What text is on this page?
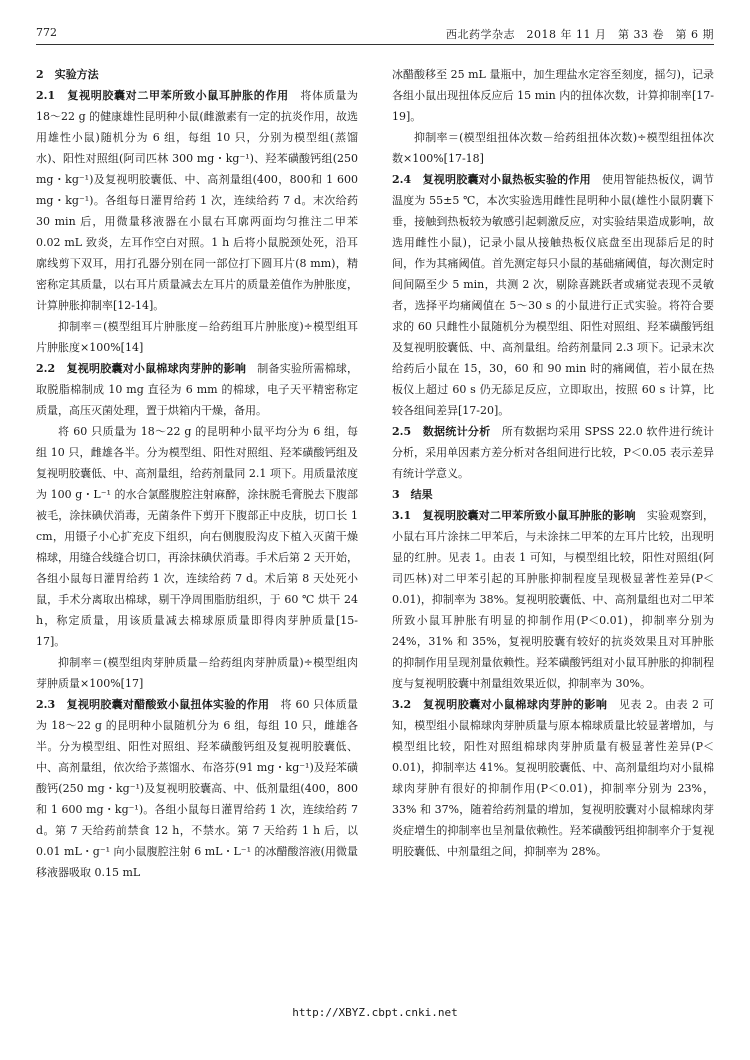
772	西北药学杂志　2018 年 11 月　第 33 卷　第 6 期

2　实验方法

2.1　复视明胶囊对二甲苯所致小鼠耳肿胀的作用　将体质量为 18～22 g 的健康雄性昆明种小鼠(雌激素有一定的抗炎作用，故选用雄性小鼠)随机分为 6 组，每组 10 只，分别为模型组(蒸馏水)、阳性对照组(阿司匹林 300 mg・kg⁻¹)、羟苯磺酸钙组(250 mg・kg⁻¹)及复视明胶囊低、中、高剂量组(400，800和 1 600 mg・kg⁻¹)。各组每日灌胃给药 1 次，连续给药 7 d。末次给药 30 min 后，用微量移液器在小鼠右耳廓两面均匀推注二甲苯 0.02 mL 致炎，左耳作空白对照。1 h 后将小鼠脱颈处死，沿耳廓线剪下双耳，用打孔器分别在同一部位打下圆耳片(8 mm)，精密称定其质量，以右耳片质量减去左耳片的质量差值作为肿胀度，计算肿胀抑制率[12-14]。

抑制率＝(模型组耳片肿胀度－给药组耳片肿胀度)÷模型组耳片肿胀度×100%[14]

2.2　复视明胶囊对小鼠棉球肉芽肿的影响　制备实验所需棉球，取脱脂棉制成 10 mg 直径为 6 mm 的棉球，电子天平精密称定质量，高压灭菌处理，置于烘箱内干燥，备用。

将 60 只质量为 18～22 g 的昆明种小鼠平均分为 6 组，每组 10 只，雌雄各半。分为模型组、阳性对照组、羟苯磺酸钙组及复视明胶囊低、中、高剂量组，给药剂量同 2.1 项下。用质量浓度为 100 g・L⁻¹ 的水合氯醛腹腔注射麻醉，涂抹脱毛膏脱去下腹部被毛，涂抹碘伏消毒，无菌条件下剪开下腹部正中皮肤，切口长 1 cm，用镊子小心扩充皮下组织，向右侧腹股沟皮下植入灭菌干燥棉球，用缝合线缝合切口，再涂抹碘伏消毒。手术后第 2 天开始，各组小鼠每日灌胃给药 1 次，连续给药 7 d。术后第 8 天处死小鼠，手术分离取出棉球，剔干净周围脂肪组织，于 60 ℃ 烘干 24 h，称定质量，用该质量减去棉球原质量即得肉芽肿质量[15-17]。

抑制率＝(模型组肉芽肿质量－给药组肉芽肿质量)÷模型组肉芽肿质量×100%[17]

2.3　复视明胶囊对醋酸致小鼠扭体实验的作用　将 60 只体质量为 18～22 g 的昆明种小鼠随机分为 6 组，每组 10 只，雌雄各半。分为模型组、阳性对照组、羟苯磺酸钙组及复视明胶囊低、中、高剂量组，依次给予蒸馏水、布洛芬(91 mg・kg⁻¹)及羟苯磺酸钙(250 mg・kg⁻¹)及复视明胶囊高、中、低剂量组(400，800 和 1 600 mg・kg⁻¹)。各组小鼠每日灌胃给药 1 次，连续给药 7 d。第 7 天给药前禁食 12 h，不禁水。第 7 天给药 1 h 后，以 0.01 mL・g⁻¹ 向小鼠腹腔注射 6 mL・L⁻¹ 的冰醋酸溶液(用微量移液器吸取 0.15 mL

冰醋酸移至 25 mL 量瓶中，加生理盐水定容至刻度，摇匀)，记录各组小鼠出现扭体反应后 15 min 内的扭体次数，计算抑制率[17-19]。

抑制率＝(模型组扭体次数－给药组扭体次数)÷模型组扭体次数×100%[17-18]

2.4　复视明胶囊对小鼠热板实验的作用　使用智能热板仪，调节温度为 55±5 ℃，本次实验选用雌性昆明种小鼠(雄性小鼠阴囊下垂，接触到热板较为敏感引起刺激反应，对实验结果造成影响，故选用雌性小鼠)，记录小鼠从接触热板仪底盘至出现舔后足的时间，作为其痛阈值。首先测定每只小鼠的基础痛阈值，每次测定时间间隔至少 5 min，共测 2 次，剔除喜跳跃者或痛觉表现不灵敏者，选择平均痛阈值在 5～30 s 的小鼠进行正式实验。将符合要求的 60 只雌性小鼠随机分为模型组、阳性对照组、羟苯磺酸钙组及复视明胶囊低、中、高剂量组。给药剂量同 2.3 项下。记录末次给药后小鼠在 15，30，60 和 90 min 时的痛阈值，若小鼠在热板仪上超过 60 s 仍无舔足反应，立即取出，按照 60 s 计算，比较各组间差异[17-20]。

2.5　数据统计分析　所有数据均采用 SPSS 22.0 软件进行统计分析，采用单因素方差分析对各组间进行比较，P＜0.05 表示差异有统计学意义。

3　结果

3.1　复视明胶囊对二甲苯所致小鼠耳肿胀的影响　实验观察到，小鼠右耳片涂抹二甲苯后，与未涂抹二甲苯的左耳片比较，出现明显的红肿。见表 1。由表 1 可知，与模型组比较，阳性对照组(阿司匹林)对二甲苯引起的耳肿胀抑制程度呈现极显著性差异(P＜0.01)，抑制率为 38%。复视明胶囊低、中、高剂量组也对二甲苯所致小鼠耳肿胀有明显的抑制作用(P＜0.01)，抑制率分别为 24%，31% 和 35%，复视明胶囊有较好的抗炎效果且对耳肿胀的抑制作用呈现剂量依赖性。羟苯磺酸钙组对小鼠耳肿胀的抑制程度与复视明胶囊中剂量组效果近似，抑制率为 30%。

3.2　复视明胶囊对小鼠棉球肉芽肿的影响　见表 2。由表 2 可知，模型组小鼠棉球肉芽肿质量与原本棉球质量比较显著增加，与模型组比较，阳性对照组棉球肉芽肿质量有极显著性差异(P＜0.01)，抑制率达 41%。复视明胶囊低、中、高剂量组均对小鼠棉球肉芽肿有很好的抑制作用(P＜0.01)，抑制率分别为 23%，33% 和 37%，随着给药剂量的增加，复视明胶囊对小鼠棉球肉芽炎症增生的抑制率也呈剂量依赖性。羟苯磺酸钙组抑制率介于复视明胶囊低、中剂量组之间，抑制率为 28%。

http://XBYZ.cbpt.cnki.net
